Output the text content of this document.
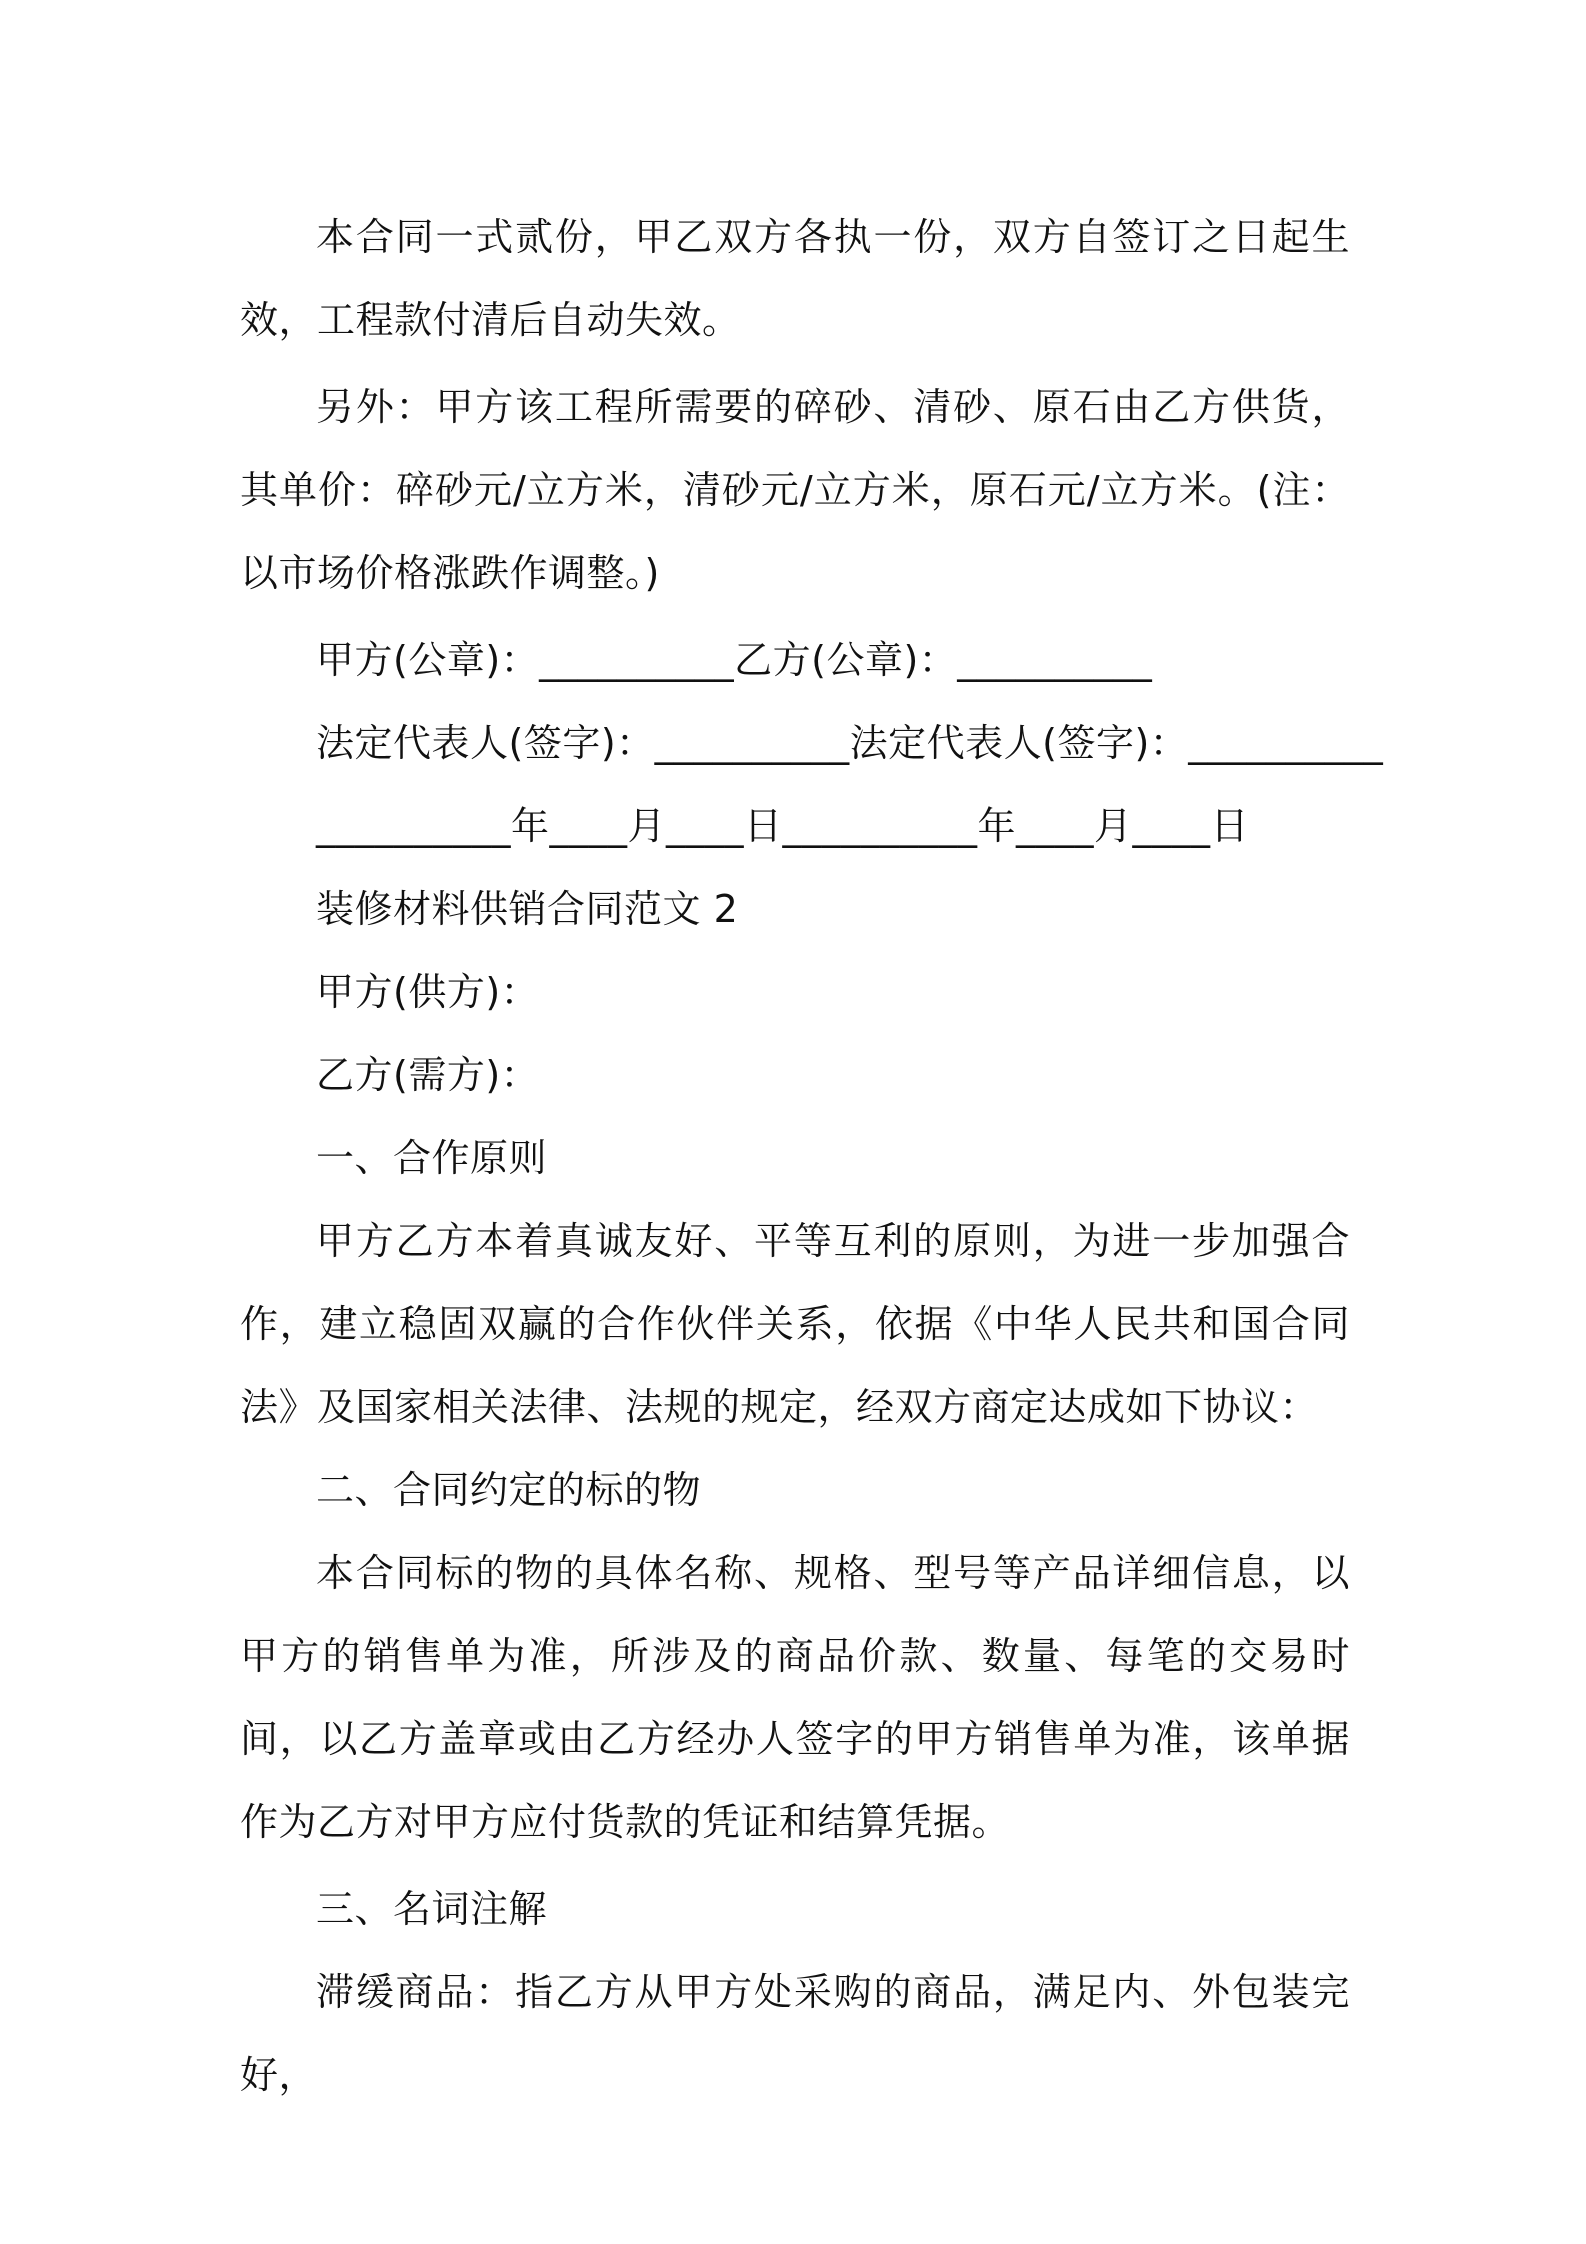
本合同一式贰份，甲乙双方各执一份，双方自签订之日起生效，工程款付清后自动失效。

另外：甲方该工程所需要的碎砂、清砂、原石由乙方供货，其单价：碎砂元/立方米，清砂元/立方米，原石元/立方米。(注：以市场价格涨跌作调整。)

甲方(公章)：__________乙方(公章)：__________

法定代表人(签字)：__________法定代表人(签字)：__________

__________年____月____日__________年____月____日

装修材料供销合同范文 2

甲方(供方)：

乙方(需方)：

一、合作原则

甲方乙方本着真诚友好、平等互利的原则，为进一步加强合作，建立稳固双赢的合作伙伴关系，依据《中华人民共和国合同法》及国家相关法律、法规的规定，经双方商定达成如下协议：

二、合同约定的标的物

本合同标的物的具体名称、规格、型号等产品详细信息，以甲方的销售单为准，所涉及的商品价款、数量、每笔的交易时间，以乙方盖章或由乙方经办人签字的甲方销售单为准，该单据作为乙方对甲方应付货款的凭证和结算凭据。

三、名词注解

滞缓商品：指乙方从甲方处采购的商品，满足内、外包装完好，
